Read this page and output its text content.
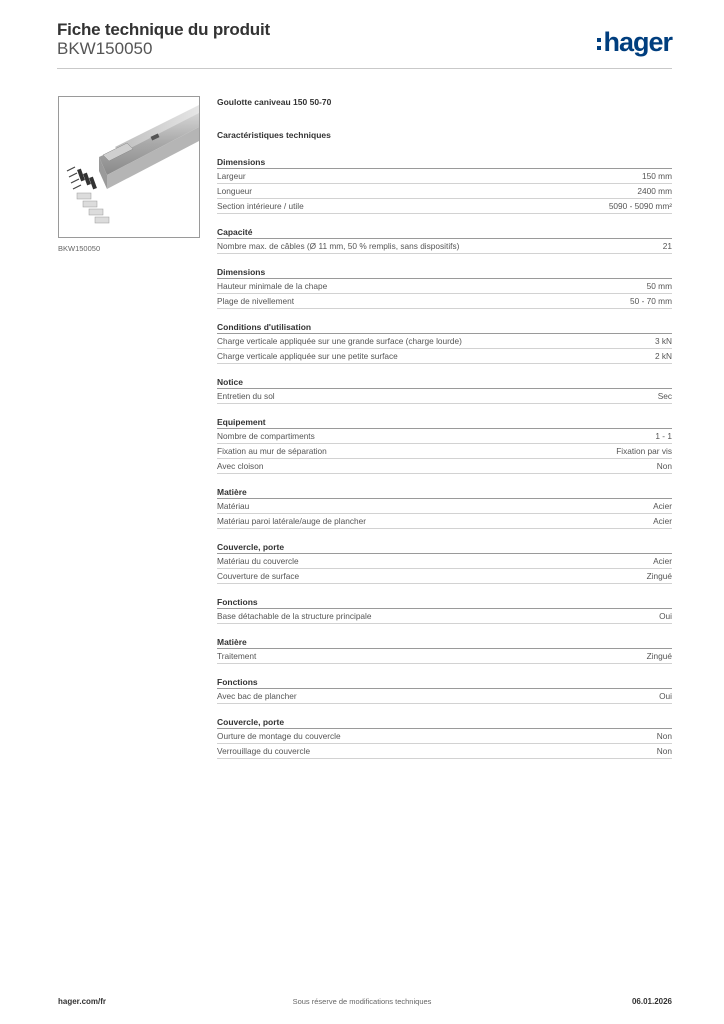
Fiche technique du produit
BKW150050	hager
BKW150050
Goulotte caniveau 150 50-70
Caractéristiques techniques
Dimensions
Largeur	150 mm
Longueur	2400 mm
Section intérieure / utile	5090 - 5090 mm²
Capacité
Nombre max. de câbles (Ø 11 mm, 50 % remplis, sans dispositifs)	21
Dimensions
Hauteur minimale de la chape	50 mm
Plage de nivellement	50 - 70 mm
Conditions d'utilisation
Charge verticale appliquée sur une grande surface (charge lourde)	3 kN
Charge verticale appliquée sur une petite surface	2 kN
Notice
Entretien du sol	Sec
Equipement
Nombre de compartiments	1 - 1
Fixation au mur de séparation	Fixation par vis
Avec cloison	Non
Matière
Matériau	Acier
Matériau paroi latérale/auge de plancher	Acier
Couvercle, porte
Matériau du couvercle	Acier
Couverture de surface	Zingué
Fonctions
Base détachable de la structure principale	Oui
Matière
Traitement	Zingué
Fonctions
Avec bac de plancher	Oui
Couvercle, porte
Ourture de montage du couvercle	Non
Verrouillage du couvercle	Non
hager.com/fr	Sous réserve de modifications techniques	06.01.2026
